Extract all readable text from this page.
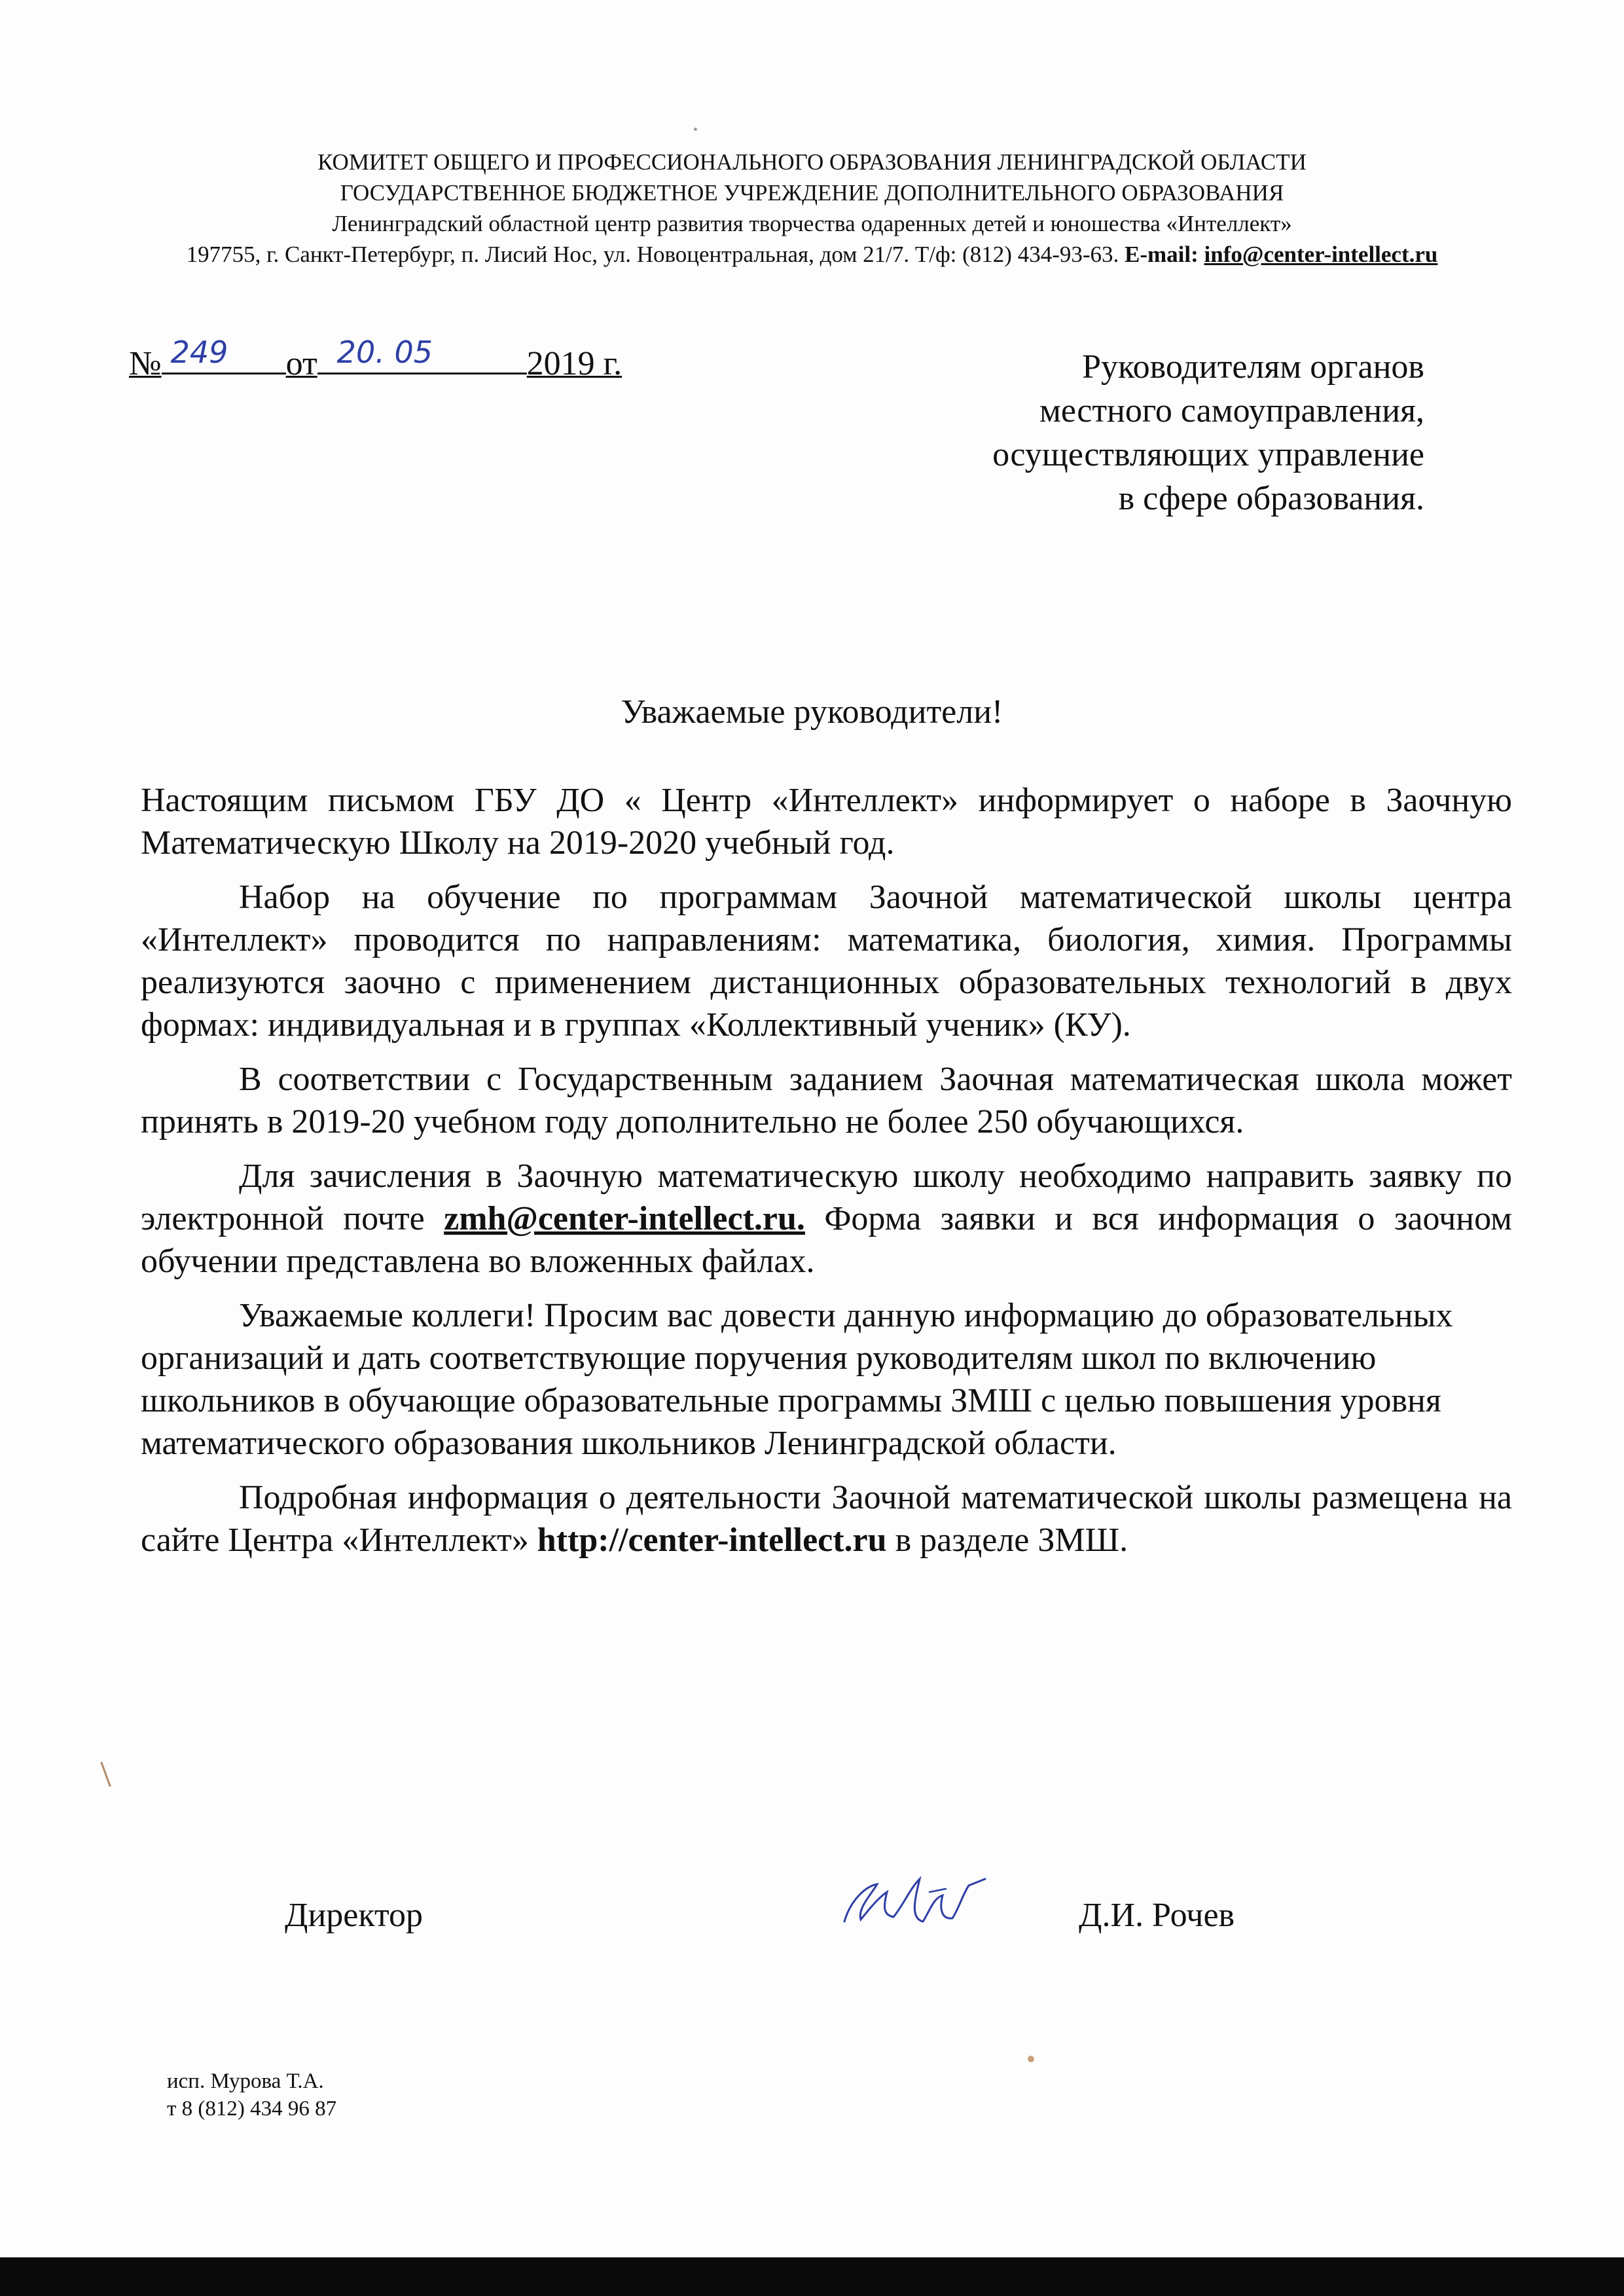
КОМИТЕТ ОБЩЕГО И ПРОФЕССИОНАЛЬНОГО ОБРАЗОВАНИЯ ЛЕНИНГРАДСКОЙ ОБЛАСТИ
ГОСУДАРСТВЕННОЕ БЮДЖЕТНОЕ УЧРЕЖДЕНИЕ ДОПОЛНИТЕЛЬНОГО ОБРАЗОВАНИЯ
Ленинградский областной центр развития творчества одаренных детей и юношества «Интеллект»
197755, г. Санкт-Петербург, п. Лисий Нос, ул. Новоцентральная, дом 21/7. Т/ф: (812) 434-93-63. E-mail: info@center-intellect.ru
№ 249 от 20. 05	2019 г.	Руководителям органов
местного самоуправления,
осуществляющих управление
в сфере образования.
Уважаемые руководители!

Настоящим письмом ГБУ ДО « Центр «Интеллект» информирует о наборе в Заочную Математическую Школу на 2019-2020 учебный год.

Набор на обучение по программам Заочной математической школы центра «Интеллект» проводится по направлениям: математика, биология, химия. Программы реализуются заочно с применением дистанционных образовательных технологий в двух формах: индивидуальная и в группах «Коллективный ученик» (КУ).

В соответствии с Государственным заданием Заочная математическая школа может принять в 2019-20 учебном году дополнительно не более 250 обучающихся.

Для зачисления в Заочную математическую школу необходимо направить заявку по электронной почте zmh@center-intellect.ru. Форма заявки и вся информация о заочном обучении представлена во вложенных файлах.

Уважаемые коллеги! Просим вас довести данную информацию до образовательных организаций и дать соответствующие поручения руководителям школ по включению школьников в обучающие образовательные программы ЗМШ с целью повышения уровня математического образования школьников Ленинградской области.

Подробная информация о деятельности Заочной математической школы размещена на сайте Центра «Интеллект» http://center-intellect.ru в разделе ЗМШ.

Директор	Д.И. Рочев
исп. Мурова Т.А.
т 8 (812) 434 96 87
